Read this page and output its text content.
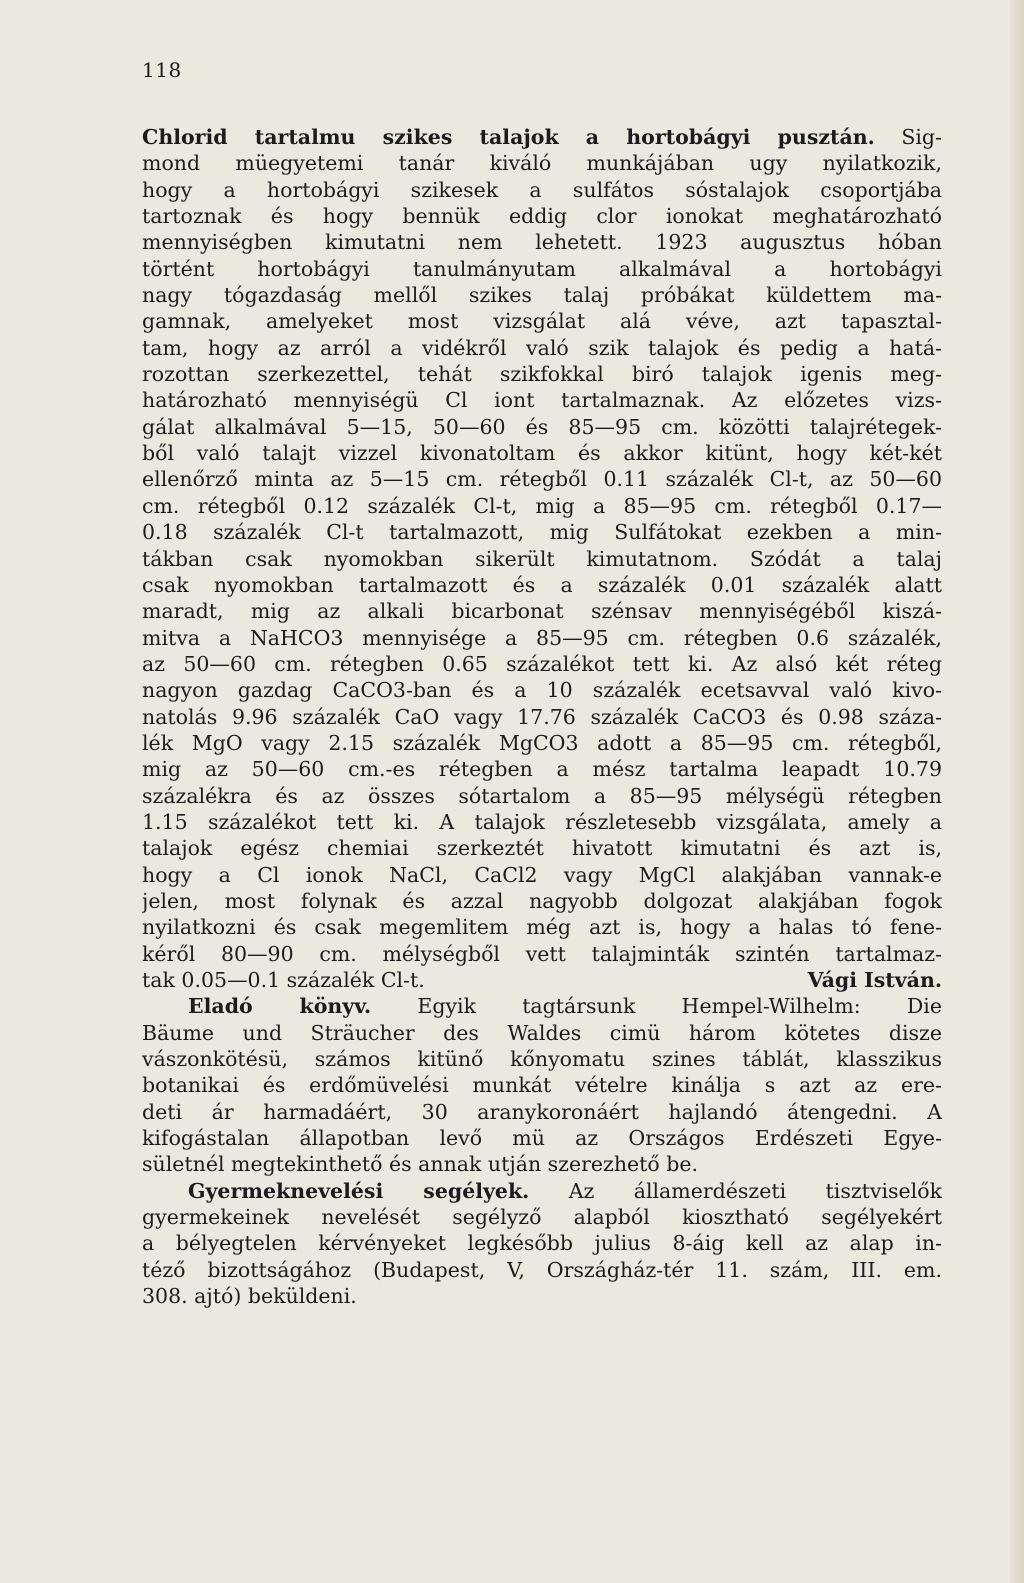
118
Chlorid tartalmu szikes talajok a hortobágyi pusztán. Sig-
mond müegyetemi tanár kiváló munkájában ugy nyilatkozik,
hogy a hortobágyi szikesek a sulfátos sóstalajok csoportjába
tartoznak és hogy bennük eddig clor ionokat meghatározható
mennyiségben kimutatni nem lehetett. 1923 augusztus hóban
történt hortobágyi tanulmányutam alkalmával a hortobágyi
nagy tógazdaság mellől szikes talaj próbákat küldettem ma-
gamnak, amelyeket most vizsgálat alá véve, azt tapasztal-
tam, hogy az arról a vidékről való szik talajok és pedig a hatá-
rozottan szerkezettel, tehát szikfokkal biró talajok igenis meg-
határozható mennyiségü Cl iont tartalmaznak. Az előzetes vizs-
gálat alkalmával 5—15, 50—60 és 85—95 cm. közötti talajrétegek-
ből való talajt vizzel kivonatoltam és akkor kitünt, hogy két-két
ellenőrző minta az 5—15 cm. rétegből 0.11 százalék Cl-t, az 50—60
cm. rétegből 0.12 százalék Cl-t, mig a 85—95 cm. rétegből 0.17—
0.18 százalék Cl-t tartalmazott, mig Sulfátokat ezekben a min-
tákban csak nyomokban sikerült kimutatnom. Szódát a talaj
csak nyomokban tartalmazott és a százalék 0.01 százalék alatt
maradt, mig az alkali bicarbonat szénsav mennyiségéből kiszá-
mitva a NaHCO3 mennyisége a 85—95 cm. rétegben 0.6 százalék,
az 50—60 cm. rétegben 0.65 százalékot tett ki. Az alsó két réteg
nagyon gazdag CaCO3-ban és a 10 százalék ecetsavval való kivo-
natolás 9.96 százalék CaO vagy 17.76 százalék CaCO3 és 0.98 száza-
lék MgO vagy 2.15 százalék MgCO3 adott a 85—95 cm. rétegből,
mig az 50—60 cm.-es rétegben a mész tartalma leapadt 10.79
százalékra és az összes sótartalom a 85—95 mélységü rétegben
1.15 százalékot tett ki. A talajok részletesebb vizsgálata, amely a
talajok egész chemiai szerkeztét hivatott kimutatni és azt is,
hogy a Cl ionok NaCl, CaCl2 vagy MgCl alakjában vannak-e
jelen, most folynak és azzal nagyobb dolgozat alakjában fogok
nyilatkozni és csak megemlitem még azt is, hogy a halas tó fene-
kéről 80—90 cm. mélységből vett talajminták szintén tartalmaz-
tak 0.05—0.1 százalék Cl-t.	Vági István.
Eladó könyv. Egyik tagtársunk Hempel-Wilhelm: Die
Bäume und Sträucher des Waldes cimü három kötetes disze
vászonkötésü, számos kitünő kőnyomatu szines táblát, klasszikus
botanikai és erdőmüvelési munkát vételre kinálja s azt az ere-
deti ár harmadáért, 30 aranykoronáért hajlandó átengedni. A
kifogástalan állapotban levő mü az Országos Erdészeti Egye-
sületnél megtekinthető és annak utján szerezhető be.
Gyermeknevelési segélyek. Az államerdészeti tisztviselők
gyermekeinek nevelését segélyző alapból kiosztható segélyekért
a bélyegtelen kérvényeket legkésőbb julius 8-áig kell az alap in-
téző bizottságához (Budapest, V, Országház-tér 11. szám, III. em.
308. ajtó) beküldeni.
